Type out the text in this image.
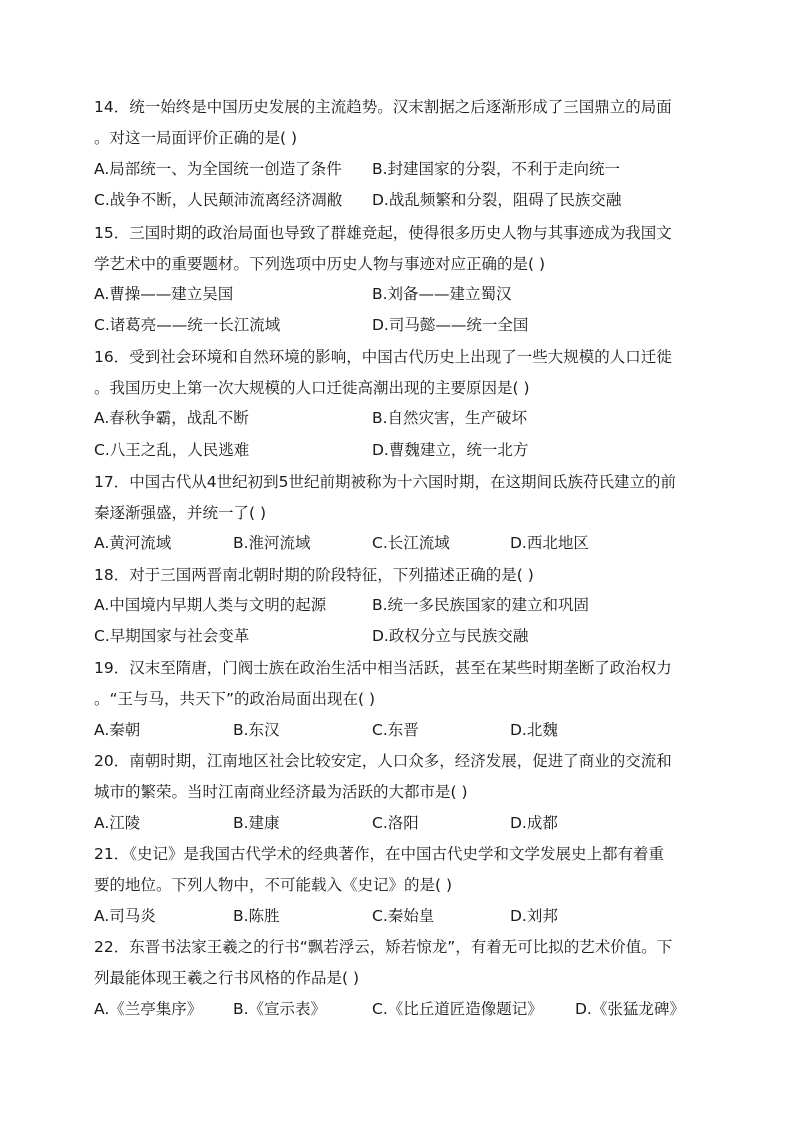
14．统一始终是中国历史发展的主流趋势。汉末割据之后逐渐形成了三国鼎立的局面
。对这一局面评价正确的是( )
A.局部统一、为全国统一创造了条件 B.封建国家的分裂，不利于走向统一
C.战争不断，人民颠沛流离经济凋敝 D.战乱频繁和分裂，阻碍了民族交融
15．三国时期的政治局面也导致了群雄竞起，使得很多历史人物与其事迹成为我国文
学艺术中的重要题材。下列选项中历史人物与事迹对应正确的是( )
A.曹操——建立吴国	B.刘备——建立蜀汉
C.诸葛亮——统一长江流域	D.司马懿——统一全国
16．受到社会环境和自然环境的影响，中国古代历史上出现了一些大规模的人口迁徙
。我国历史上第一次大规模的人口迁徙高潮出现的主要原因是( )
A.春秋争霸，战乱不断	B.自然灾害，生产破坏
C.八王之乱，人民逃难	D.曹魏建立，统一北方
17．中国古代从4世纪初到5世纪前期被称为十六国时期，在这期间氐族苻氏建立的前
秦逐渐强盛，并统一了( )
A.黄河流域	B.淮河流域	C.长江流域	D.西北地区
18．对于三国两晋南北朝时期的阶段特征，下列描述正确的是( )
A.中国境内早期人类与文明的起源	B.统一多民族国家的建立和巩固
C.早期国家与社会变革	D.政权分立与民族交融
19．汉末至隋唐，门阀士族在政治生活中相当活跃，甚至在某些时期垄断了政治权力
。“王与马，共天下”的政治局面出现在( )
A.秦朝	B.东汉	C.东晋	D.北魏
20．南朝时期，江南地区社会比较安定，人口众多，经济发展，促进了商业的交流和
城市的繁荣。当时江南商业经济最为活跃的大都市是( )
A.江陵	B.建康	C.洛阳	D.成都
21．《史记》是我国古代学术的经典著作，在中国古代史学和文学发展史上都有着重
要的地位。下列人物中，不可能载入《史记》的是( )
A.司马炎	B.陈胜	C.秦始皇	D.刘邦
22．东晋书法家王羲之的行书“飘若浮云，矫若惊龙”，有着无可比拟的艺术价值。下
列最能体现王羲之行书风格的作品是( )
A.《兰亭集序》 B.《宣示表》	C.《比丘道匠造像题记》 D.《张猛龙碑》
